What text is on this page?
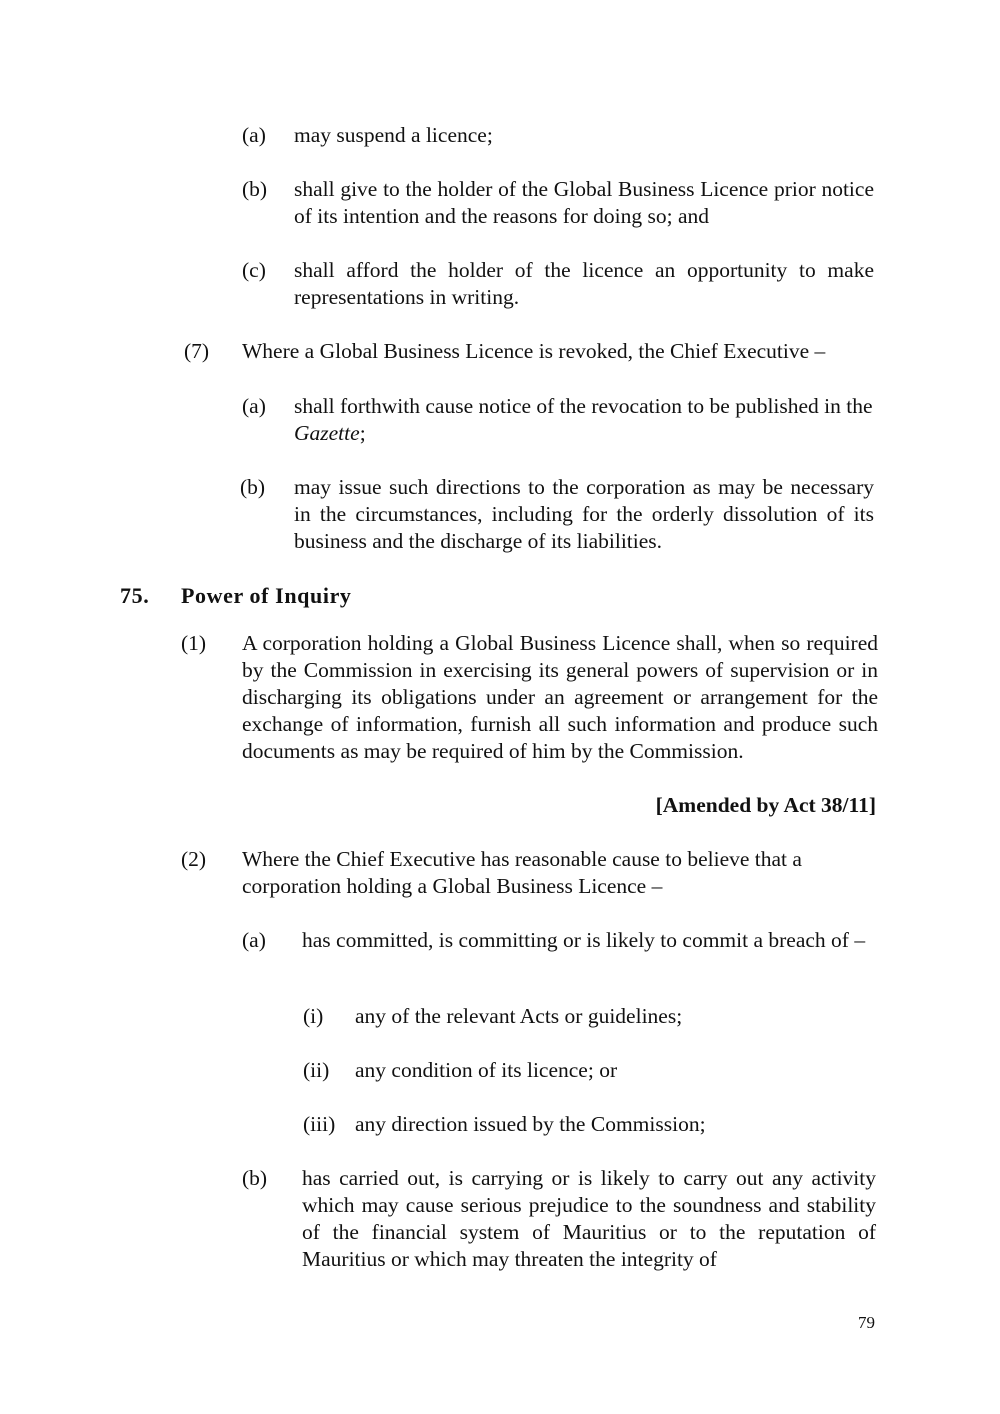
(a) may suspend a licence;
(b) shall give to the holder of the Global Business Licence prior notice of its intention and the reasons for doing so; and
(c) shall afford the holder of the licence an opportunity to make representations in writing.
(7) Where a Global Business Licence is revoked, the Chief Executive –
(a) shall forthwith cause notice of the revocation to be published in the Gazette;
(b) may issue such directions to the corporation as may be necessary in the circumstances, including for the orderly dissolution of its business and the discharge of its liabilities.
75. Power of Inquiry
(1) A corporation holding a Global Business Licence shall, when so required by the Commission in exercising its general powers of supervision or in discharging its obligations under an agreement or arrangement for the exchange of information, furnish all such information and produce such documents as may be required of him by the Commission.
[Amended by Act 38/11]
(2) Where the Chief Executive has reasonable cause to believe that a corporation holding a Global Business Licence –
(a) has committed, is committing or is likely to commit a breach of –
(i) any of the relevant Acts or guidelines;
(ii) any condition of its licence; or
(iii) any direction issued by the Commission;
(b) has carried out, is carrying or is likely to carry out any activity which may cause serious prejudice to the soundness and stability of the financial system of Mauritius or to the reputation of Mauritius or which may threaten the integrity of
79
